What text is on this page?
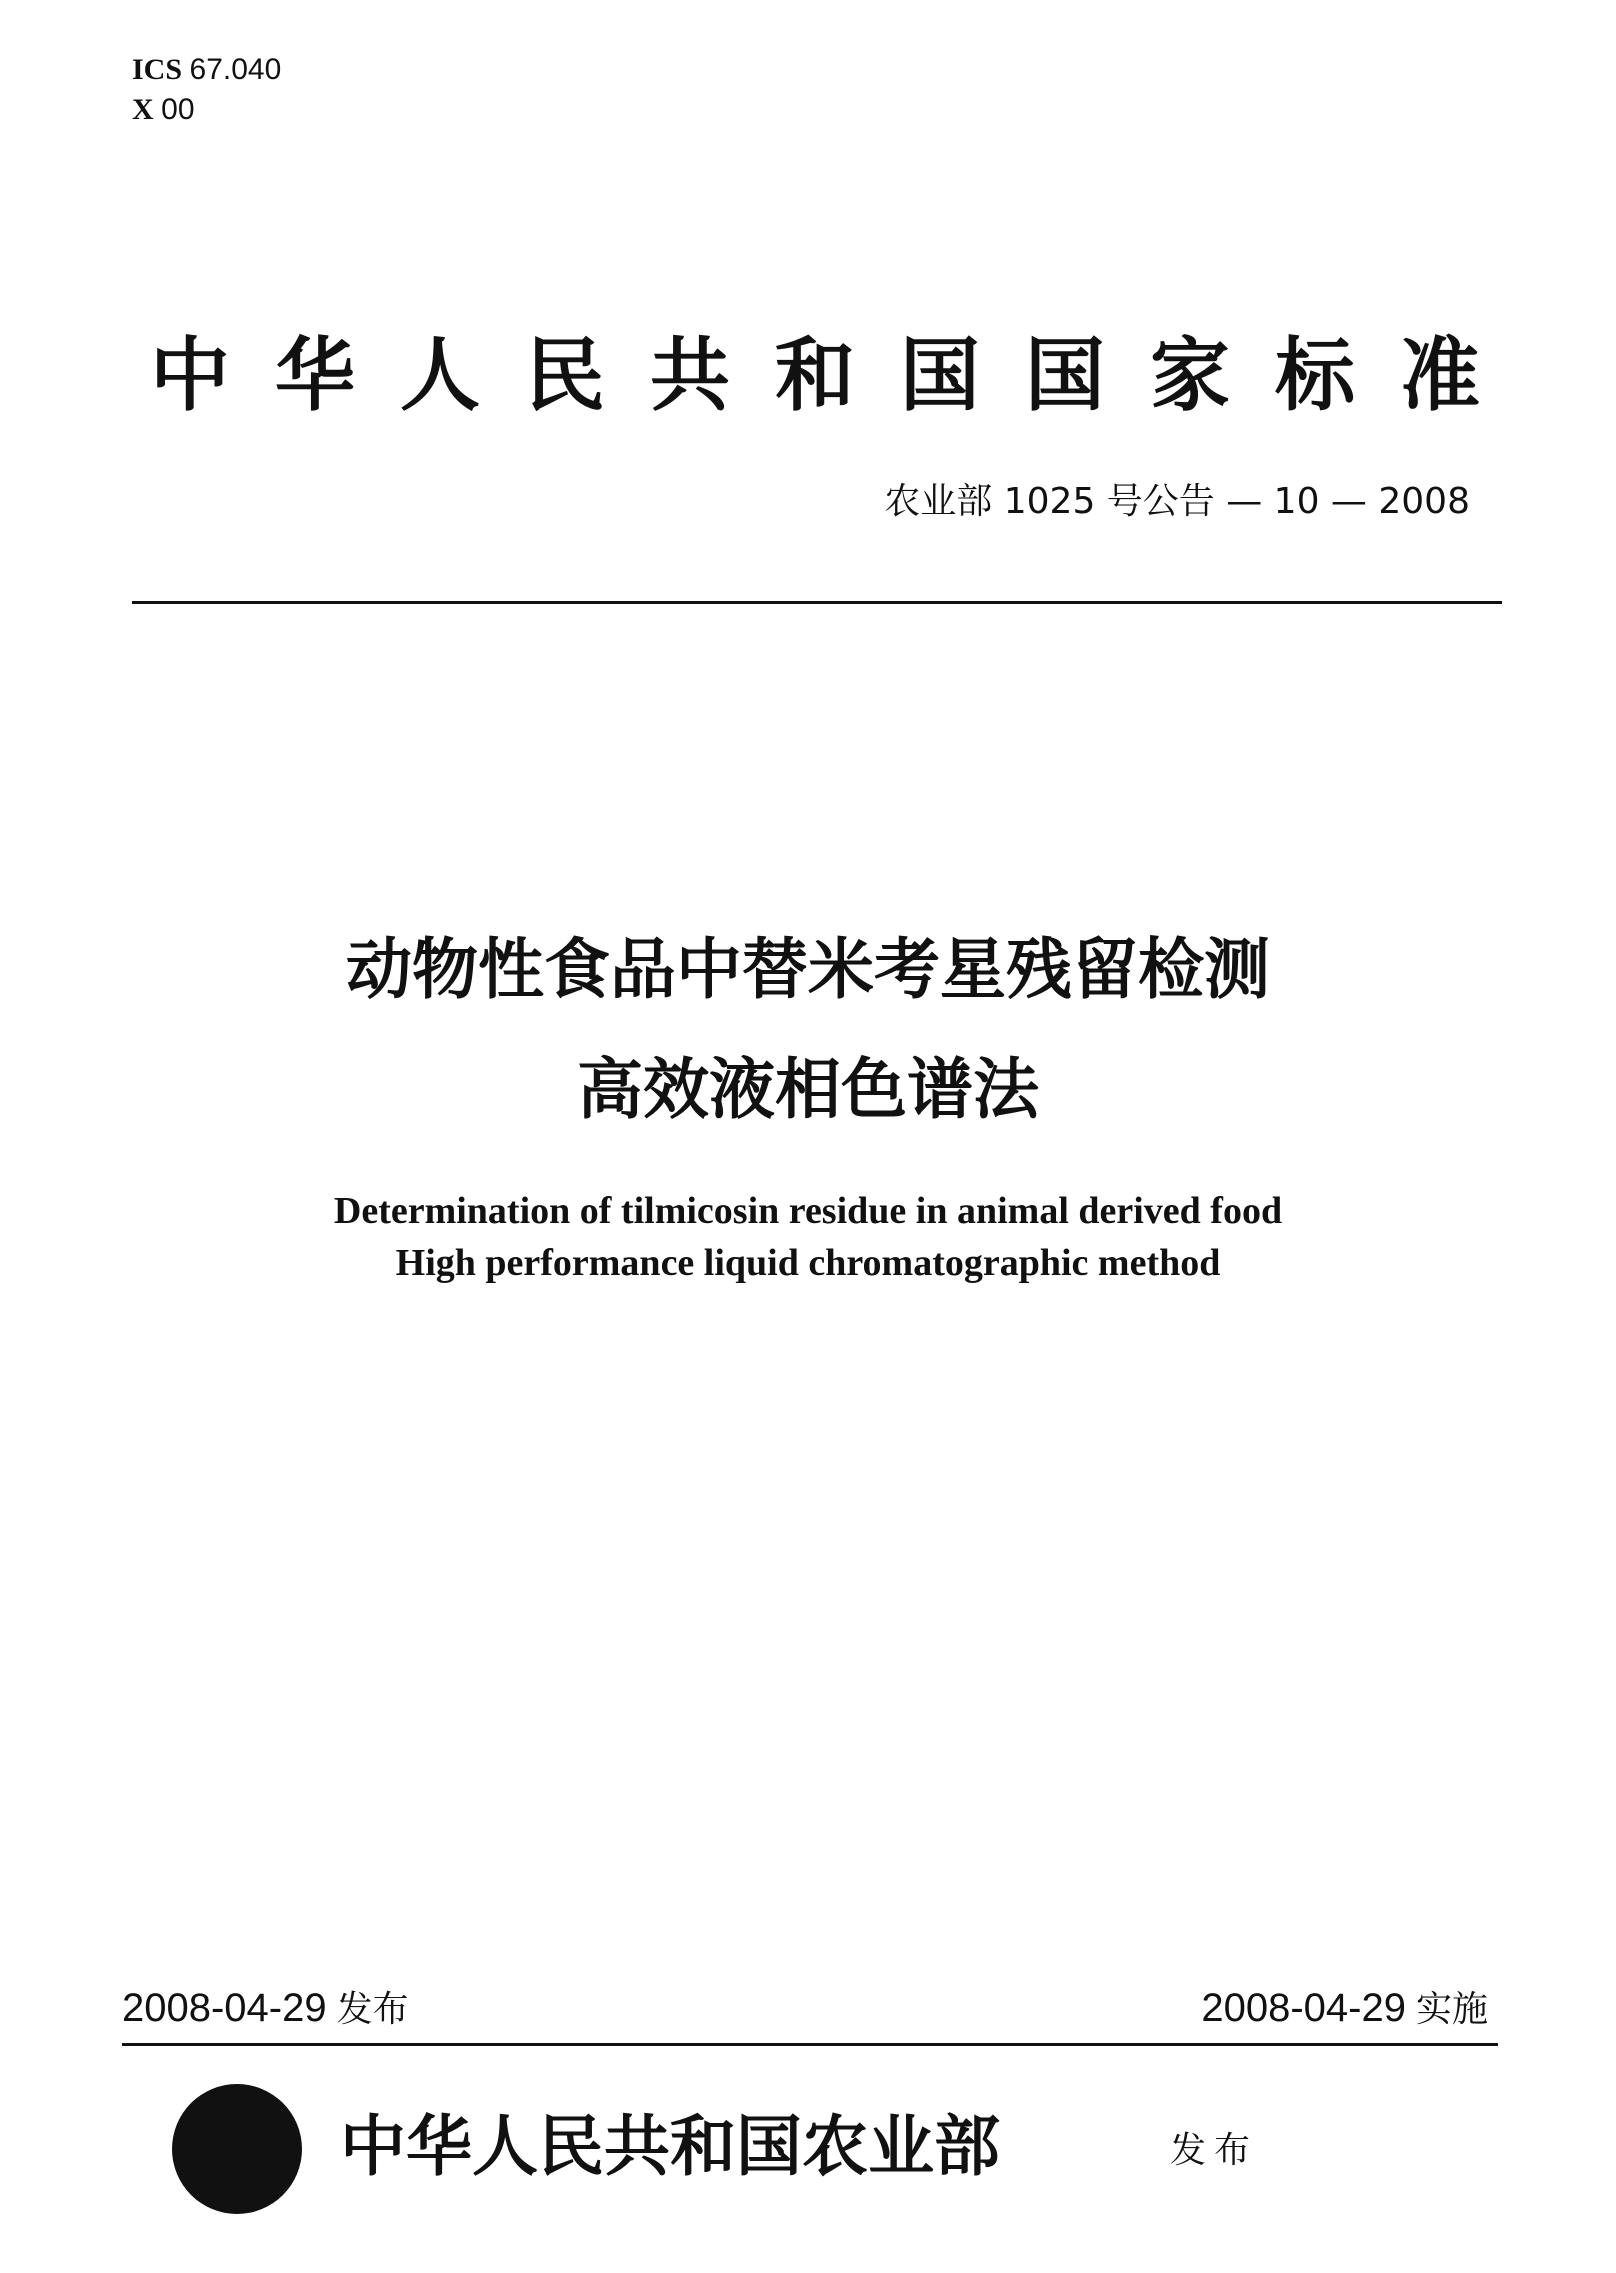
ICS 67.040
X 00
中 华 人 民 共 和 国 国 家 标 准
农业部 1025 号公告 — 10 — 2008
动物性食品中替米考星残留检测
高效液相色谱法
Determination of tilmicosin residue in animal derived food
High performance liquid chromatographic method
2008-04-29 发布	2008-04-29 实施
中华人民共和国农业部	发布
